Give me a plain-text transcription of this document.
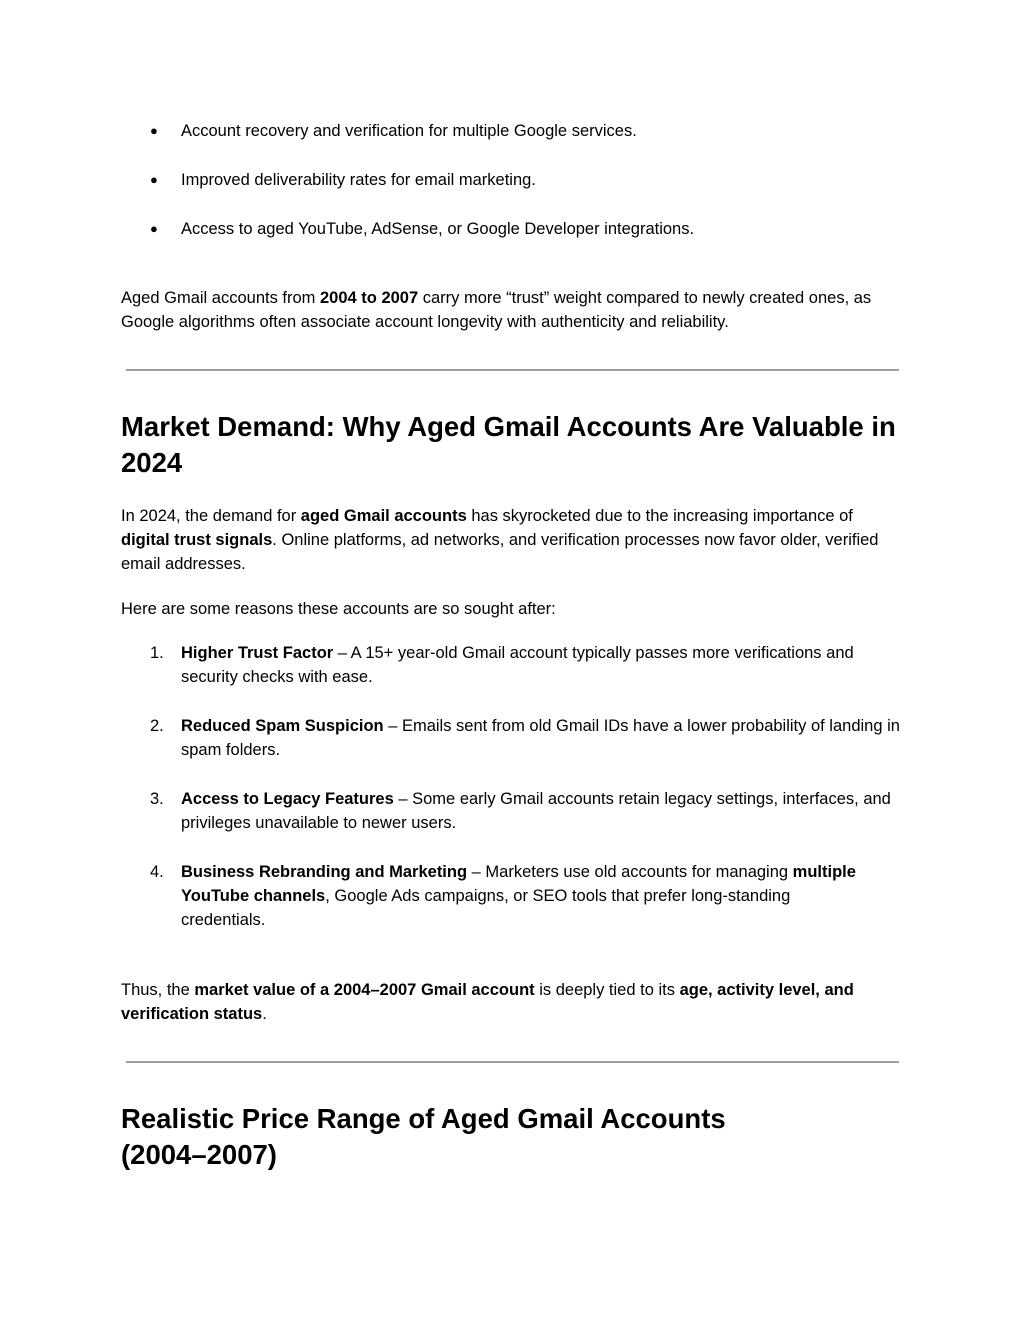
● Account recovery and verification for multiple Google services.
● Improved deliverability rates for email marketing.
● Access to aged YouTube, AdSense, or Google Developer integrations.

Aged Gmail accounts from 2004 to 2007 carry more “trust” weight compared to newly created ones, as Google algorithms often associate account longevity with authenticity and reliability.

Market Demand: Why Aged Gmail Accounts Are Valuable in 2024

In 2024, the demand for aged Gmail accounts has skyrocketed due to the increasing importance of digital trust signals. Online platforms, ad networks, and verification processes now favor older, verified email addresses.

Here are some reasons these accounts are so sought after:

1. Higher Trust Factor – A 15+ year-old Gmail account typically passes more verifications and security checks with ease.

2. Reduced Spam Suspicion – Emails sent from old Gmail IDs have a lower probability of landing in spam folders.

3. Access to Legacy Features – Some early Gmail accounts retain legacy settings, interfaces, and privileges unavailable to newer users.

4. Business Rebranding and Marketing – Marketers use old accounts for managing multiple YouTube channels, Google Ads campaigns, or SEO tools that prefer long-standing credentials.

Thus, the market value of a 2004–2007 Gmail account is deeply tied to its age, activity level, and verification status.

Realistic Price Range of Aged Gmail Accounts (2004–2007)
